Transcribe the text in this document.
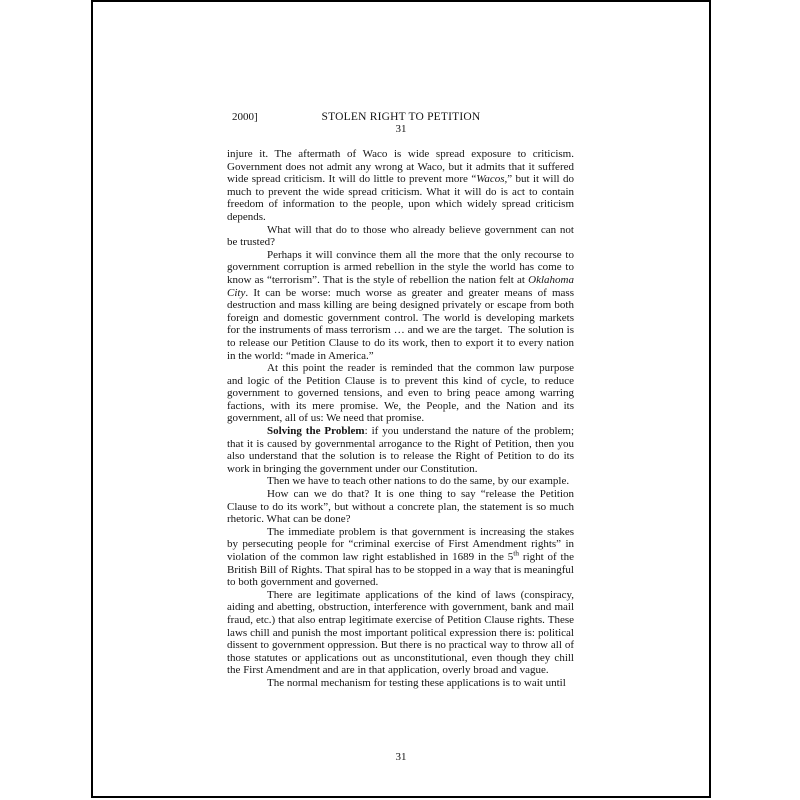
2000]	STOLEN RIGHT TO PETITION
31

injure it. The aftermath of Waco is wide spread exposure to criticism. Government does not admit any wrong at Waco, but it admits that it suffered wide spread criticism. It will do little to prevent more “Wacos,” but it will do much to prevent the wide spread criticism. What it will do is act to contain freedom of information to the people, upon which widely spread criticism depends.

What will that do to those who already believe government can not be trusted?

Perhaps it will convince them all the more that the only recourse to government corruption is armed rebellion in the style the world has come to know as “terrorism”. That is the style of rebellion the nation felt at Oklahoma City. It can be worse: much worse as greater and greater means of mass destruction and mass killing are being designed privately or escape from both foreign and domestic government control. The world is developing markets for the instruments of mass terrorism … and we are the target.  The solution is to release our Petition Clause to do its work, then to export it to every nation in the world: “made in America.”

At this point the reader is reminded that the common law purpose and logic of the Petition Clause is to prevent this kind of cycle, to reduce government to governed tensions, and even to bring peace among warring factions, with its mere promise. We, the People, and the Nation and its government, all of us: We need that promise.

Solving the Problem: if you understand the nature of the problem; that it is caused by governmental arrogance to the Right of Petition, then you also understand that the solution is to release the Right of Petition to do its work in bringing the government under our Constitution.

Then we have to teach other nations to do the same, by our example.

How can we do that? It is one thing to say “release the Petition Clause to do its work”, but without a concrete plan, the statement is so much rhetoric. What can be done?

The immediate problem is that government is increasing the stakes by persecuting people for “criminal exercise of First Amendment rights” in violation of the common law right established in 1689 in the 5th right of the British Bill of Rights. That spiral has to be stopped in a way that is meaningful to both government and governed.

There are legitimate applications of the kind of laws (conspiracy, aiding and abetting, obstruction, interference with government, bank and mail fraud, etc.) that also entrap legitimate exercise of Petition Clause rights. These laws chill and punish the most important political expression there is: political dissent to government oppression. But there is no practical way to throw all of those statutes or applications out as unconstitutional, even though they chill the First Amendment and are in that application, overly broad and vague.

The normal mechanism for testing these applications is to wait until

31
